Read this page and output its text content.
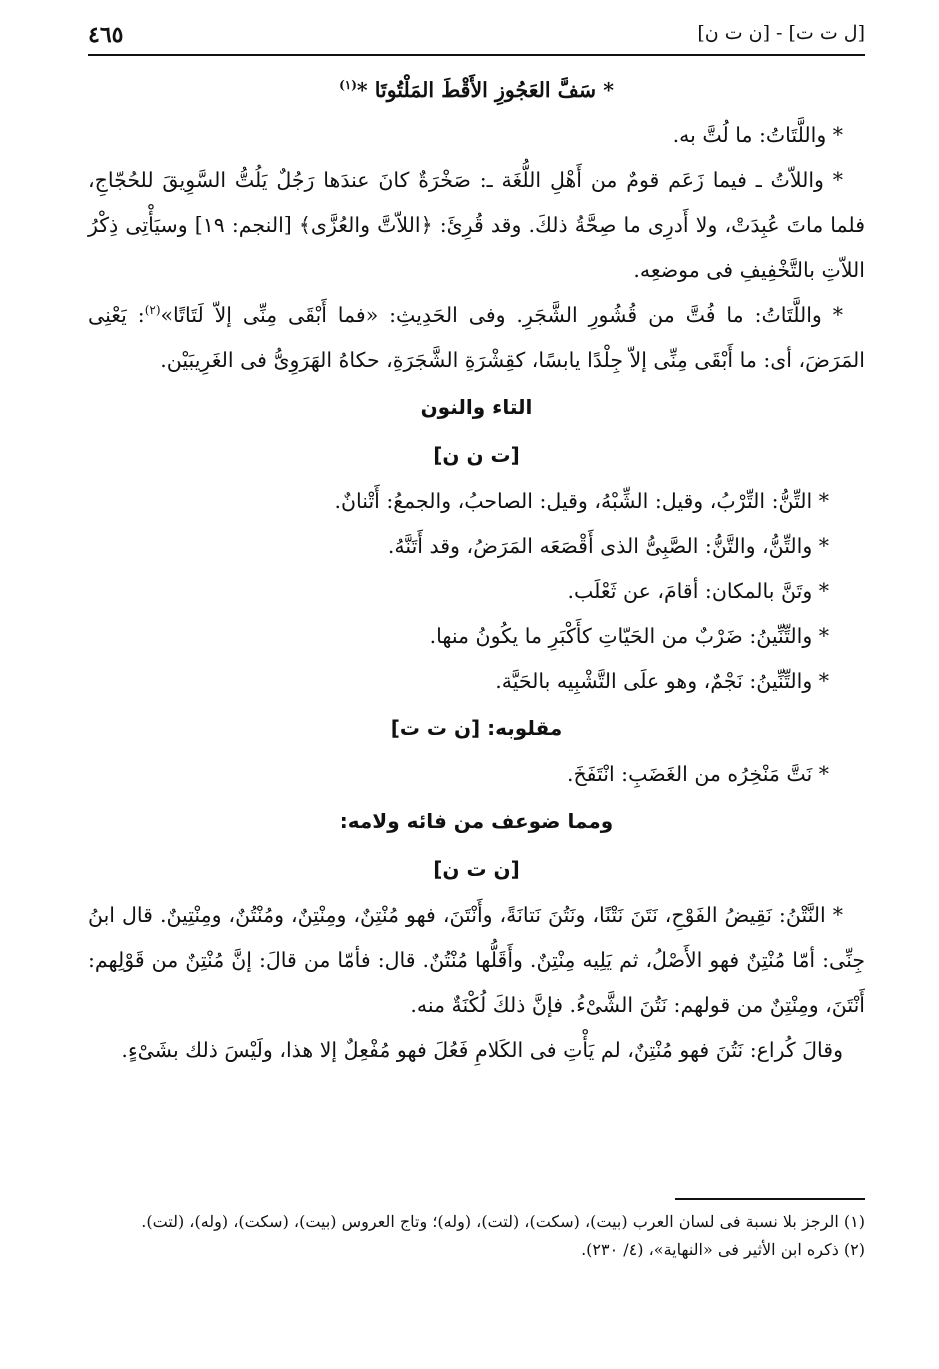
[ل ت ت] - [ن ت ن]
٤٦٥

* سَفَّ العَجُوزِ الأَقْطَ المَلْتُوتَا *$^{(١)}$

* واللَّتَاتُ: ما لُتَّ به.

* واللاّتُ ـ فيما زَعَم قومٌ من أَهْلِ اللُّغَة ـ: صَخْرَةٌ كانَ عندَها رَجُلٌ يَلُتُّ السَّوِيقَ للحُجّاجِ، فلما ماتَ عُبِدَتْ، ولا أَدرِى ما صِحَّةُ ذلكَ. وقد قُرِئَ: ﴿اللاّتَّ والعُزَّى﴾ [النجم: ١٩] وسيَأْتِى ذِكْرُ اللاّتِ بالتَّخْفِيفِ فى موضعِه.

* واللَّتَاتُ: ما فُتَّ من قُشُورِ الشَّجَرِ. وفى الحَدِيثِ: «فما أَبْقَى مِنِّى إلاّ لَتَاتًا»$^{(٢)}$: يَعْنِى المَرَضَ، أى: ما أَبْقَى مِنِّى إلاّ جِلْدًا يابسًا، كقِشْرَةِ الشَّجَرَةِ، حكاهُ الهَرَوِىُّ فى الغَرِيبَيْن.

التاء والنون
[ت ن ن]

* التِّنُّ: التِّرْبُ، وقيل: الشِّبْهُ، وقيل: الصاحبُ، والجمعُ: أَتْنانٌ.

* والتِّنُّ، والتَّنُّ: الصَّبِىُّ الذى أَقْصَعَه المَرَضُ، وقد أَتَنَّهُ.

* وتَنَّ بالمكان: أقامَ، عن ثَعْلَب.

* والتِّنِّينُ: ضَرْبٌ من الحَيّاتِ كأَكْبَرِ ما يكُونُ منها.

* والتِّنِّينُ: نَجْمٌ، وهو علَى التَّشْبِيه بالحَيَّة.

مقلوبه: [ن ت ت]

* نَتَّ مَنْخِرُه من الغَضَبِ: انْتَفَخَ.

ومما ضوعف من فائه ولامه:
[ن ت ن]

* النَّتْنُ: نَقِيضُ الفَوْحِ، نَتَنَ نَتْنًا، ونَتُنَ نَتانَةً، وأَنْتَنَ، فهو مُنْتِنٌ، ومِنْتِنٌ، ومُنْتُنٌ، ومِنْتِينٌ. قال ابنُ جِنِّى: أمّا مُنْتِنٌ فهو الأَصْلُ، ثم يَلِيه مِنْتِنٌ. وأَقَلُّها مُنْتُنٌ. قال: فأمّا من قالَ: إنَّ مُنْتِنٌ من قَوْلِهم: أَنْتَنَ، ومِنْتِنٌ من قولهم: نَتُنَ الشَّىْءُ. فإنَّ ذلكَ لُكْنَةٌ منه.

وقالَ كُراع: نَتُنَ فهو مُنْتِنٌ، لم يَأْتِ فى الكَلامِ فَعُلَ فهو مُفْعِلٌ إلا هذا، ولَيْسَ ذلك بشَىْءٍ.

(١) الرجز بلا نسبة فى لسان العرب (بيت)، (سكت)، (لتت)، (وله)؛ وتاج العروس (بيت)، (سكت)، (وله)، (لتت).

(٢) ذكره ابن الأثير فى «النهاية»، (٤/ ٢٣٠).
